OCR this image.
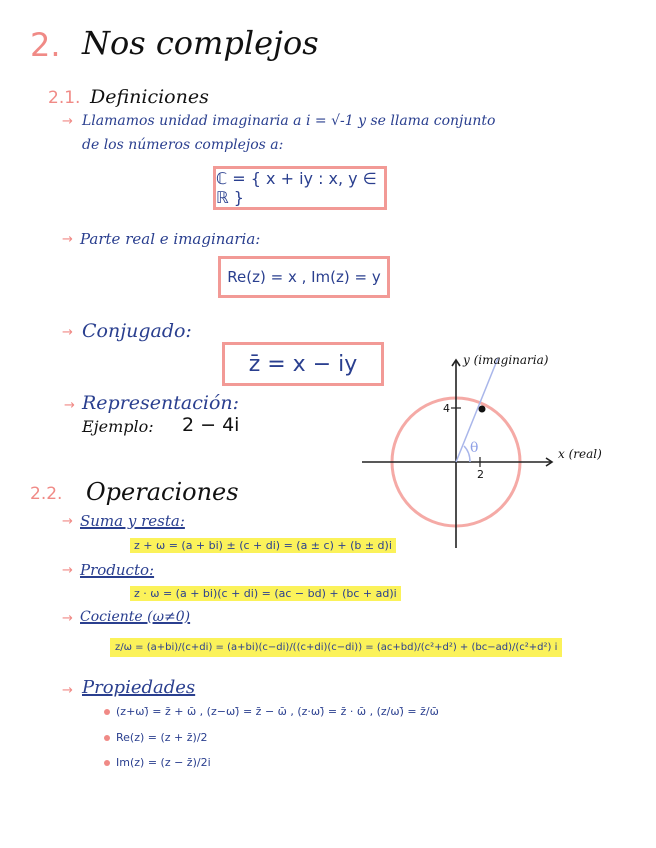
2. Nos complejos
2.1. Definiciones
→ Llamamos unidad imaginaria a i = √-1 y se llama conjunto
de los números complejos a:
ℂ = { x + iy : x, y ∈ ℝ }
→ Parte real e imaginaria:
Re(z) = x , Im(z) = y
→ Conjugado:
z̄ = x − iy
→ Representación:
Ejemplo: 2 − 4i
y (imaginaria)
x (real)
4
2
θ
2.2. Operaciones
→ Suma y resta:
z + ω = (a + bi) ± (c + di) = (a ± c) + (b ± d)i
→ Producto:
z · ω = (a + bi)(c + di) = (ac − bd) + (bc + ad)i
→ Cociente (ω≠0)
z/ω = (a+bi)/(c+di) = (a+bi)(c−di)/((c+di)(c−di)) = (ac+bd)/(c²+d²) + (bc−ad)/(c²+d²) i
→ Propiedades
(z+ω)̄ = z̄ + ω̄ , (z−ω)̄ = z̄ − ω̄ , (z·ω)̄ = z̄ · ω̄ , (z/ω)̄ = z̄/ω̄
Re(z) = (z + z̄)/2
Im(z) = (z − z̄)/2i
